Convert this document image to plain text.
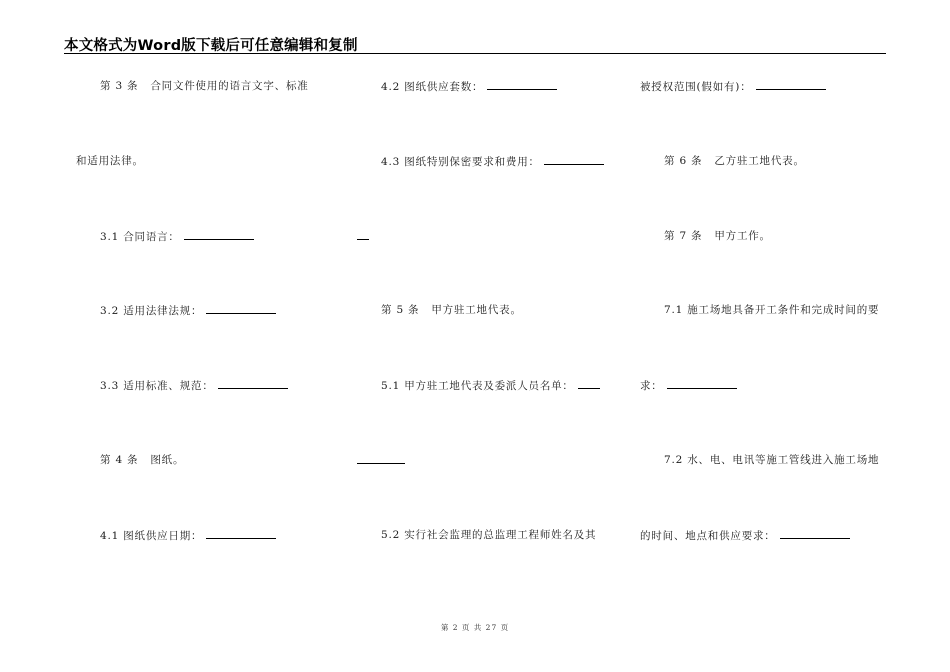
本文格式为Word版下载后可任意编辑和复制
第 3 条 合同文件使用的语言文字、标准
和适用法律。
3.1 合同语言：
3.2 适用法律法规：
3.3 适用标准、规范：
第 4 条 图纸。
4.1 图纸供应日期：
4.2 图纸供应套数：
4.3 图纸特别保密要求和费用：
第 5 条 甲方驻工地代表。
5.1 甲方驻工地代表及委派人员名单：
5.2 实行社会监理的总监理工程师姓名及其
被授权范围(假如有)：
第 6 条 乙方驻工地代表。
第 7 条 甲方工作。
7.1 施工场地具备开工条件和完成时间的要
求：
7.2 水、电、电讯等施工管线进入施工场地
的时间、地点和供应要求：
第 2 页 共 27 页
